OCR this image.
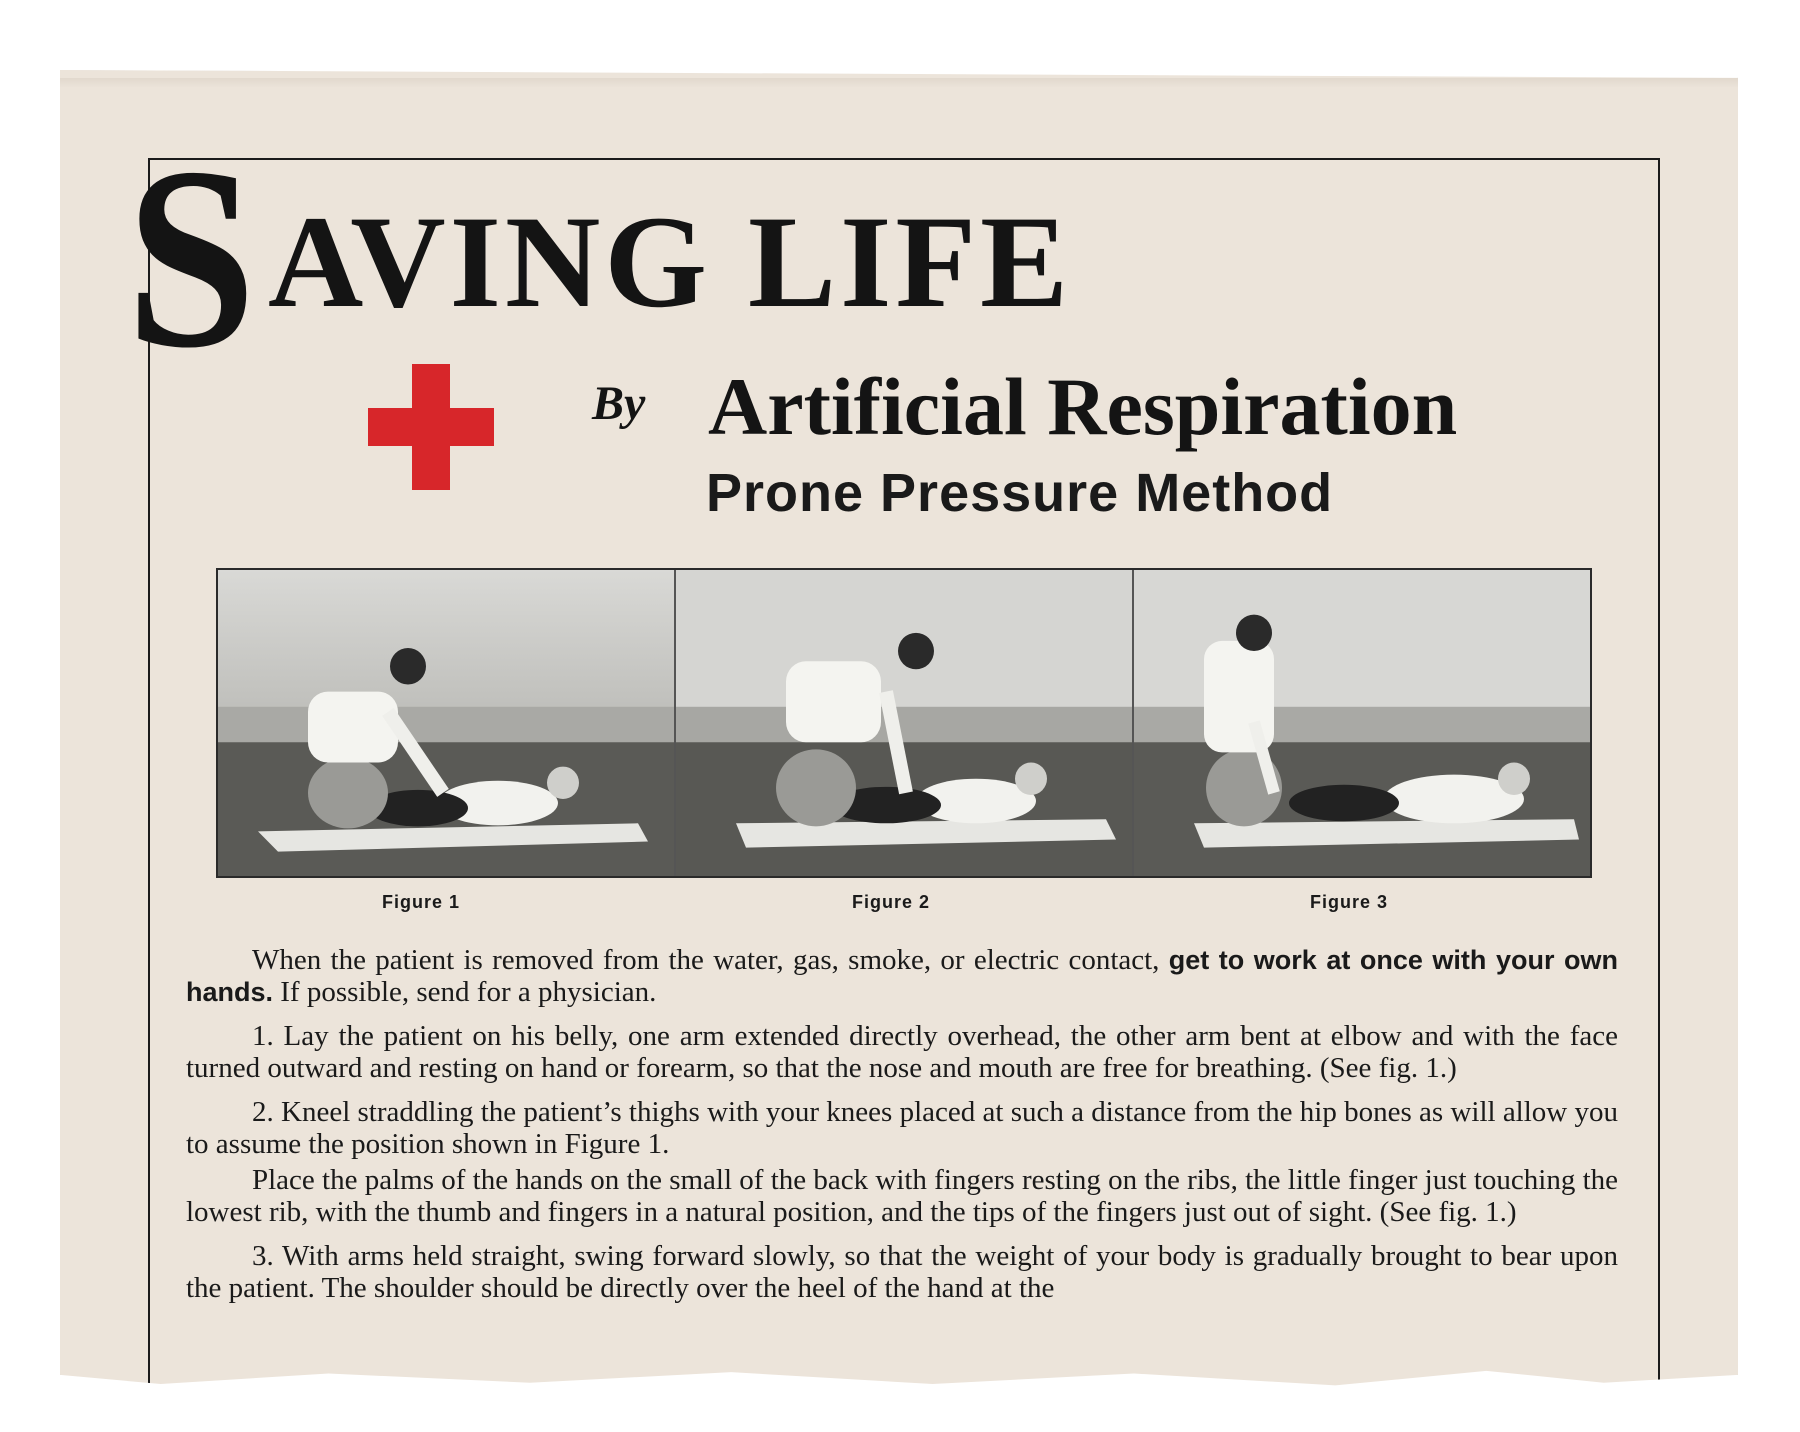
S AVING LIFE
By Artificial Respiration
Prone Pressure Method
Figure 1	Figure 2	Figure 3

When the patient is removed from the water, gas, smoke, or electric contact, get to work at once with your own hands. If possible, send for a physician.

1. Lay the patient on his belly, one arm extended directly overhead, the other arm bent at elbow and with the face turned outward and resting on hand or forearm, so that the nose and mouth are free for breathing. (See fig. 1.)

2. Kneel straddling the patient’s thighs with your knees placed at such a distance from the hip bones as will allow you to assume the position shown in Figure 1.

Place the palms of the hands on the small of the back with fingers resting on the ribs, the little finger just touching the lowest rib, with the thumb and fingers in a natural position, and the tips of the fingers just out of sight. (See fig. 1.)

3. With arms held straight, swing forward slowly, so that the weight of your body is gradually brought to bear upon the patient. The shoulder should be directly over the heel of the hand at the
